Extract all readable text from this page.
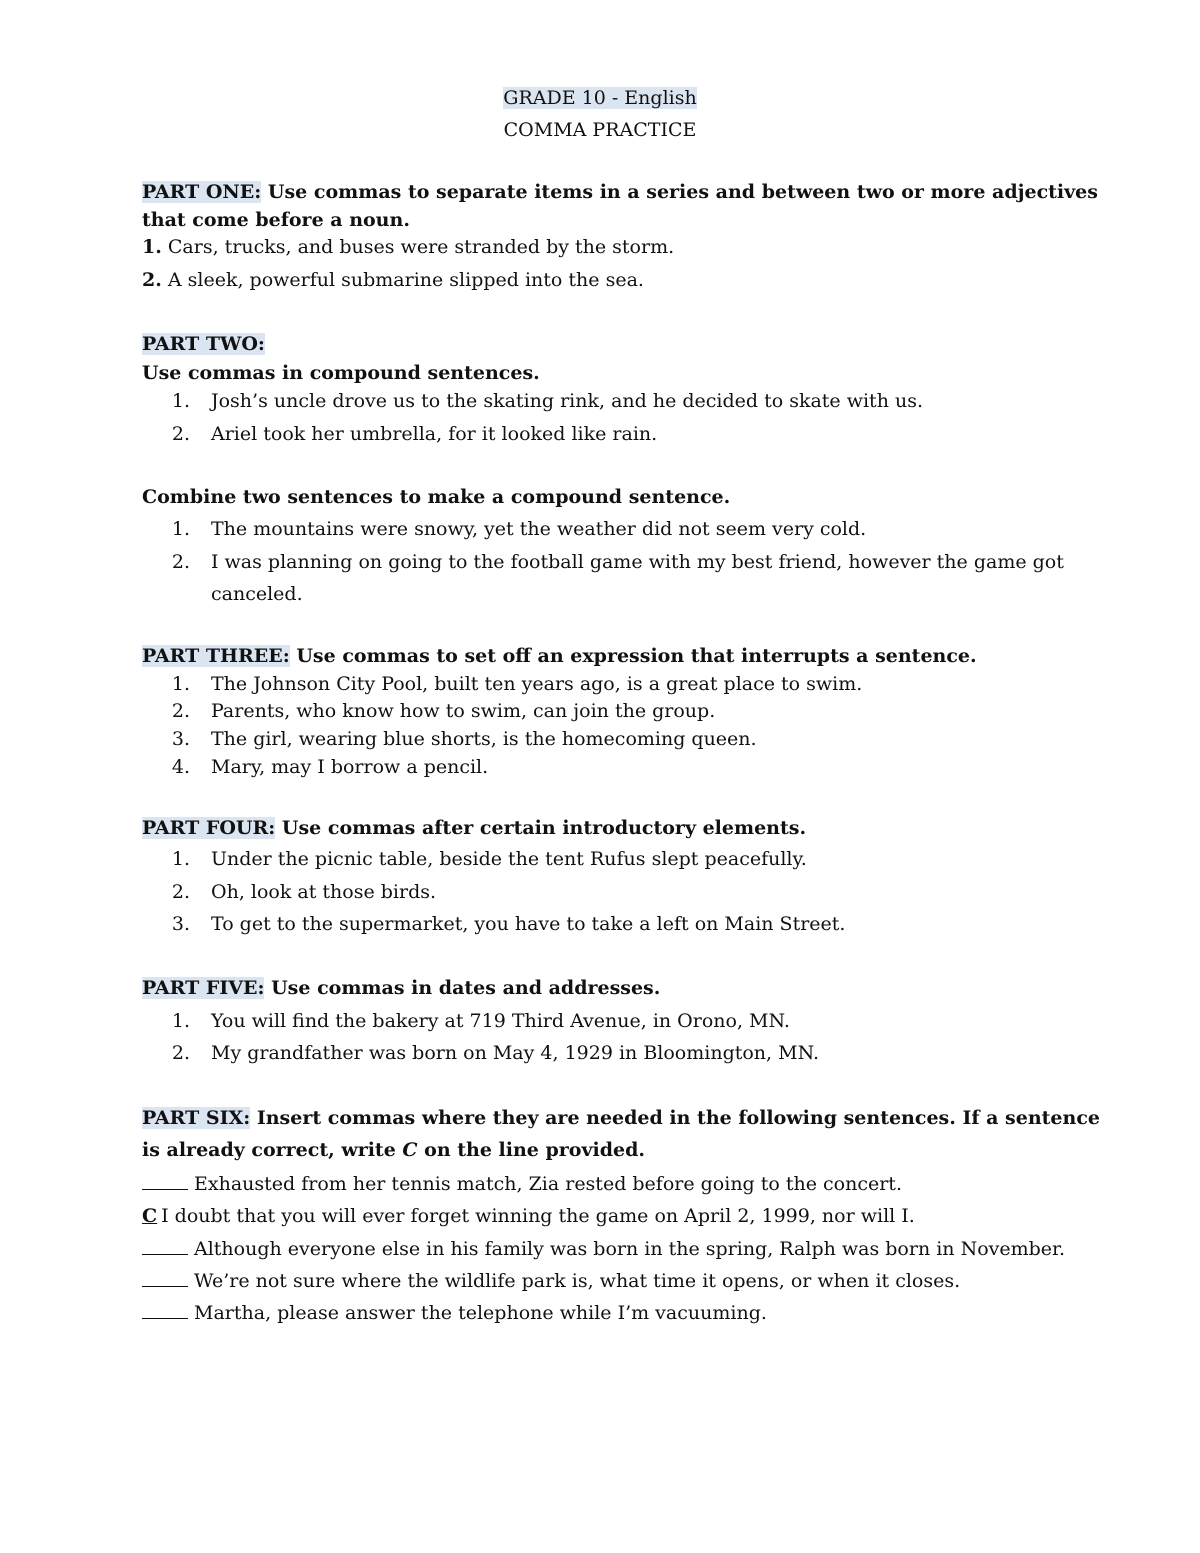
GRADE 10 - English
COMMA PRACTICE
PART ONE: Use commas to separate items in a series and between two or more adjectives
that come before a noun.
1. Cars, trucks, and buses were stranded by the storm.
2. A sleek, powerful submarine slipped into the sea.
PART TWO:
Use commas in compound sentences.
1. Josh’s uncle drove us to the skating rink, and he decided to skate with us.
2. Ariel took her umbrella, for it looked like rain.
Combine two sentences to make a compound sentence.
1. The mountains were snowy, yet the weather did not seem very cold.
2. I was planning on going to the football game with my best friend, however the game got
canceled.
PART THREE: Use commas to set off an expression that interrupts a sentence.
1. The Johnson City Pool, built ten years ago, is a great place to swim.
2. Parents, who know how to swim, can join the group.
3. The girl, wearing blue shorts, is the homecoming queen.
4. Mary, may I borrow a pencil.
PART FOUR: Use commas after certain introductory elements.
1. Under the picnic table, beside the tent Rufus slept peacefully.
2. Oh, look at those birds.
3. To get to the supermarket, you have to take a left on Main Street.
PART FIVE: Use commas in dates and addresses.
1. You will find the bakery at 719 Third Avenue, in Orono, MN.
2. My grandfather was born on May 4, 1929 in Bloomington, MN.
PART SIX: Insert commas where they are needed in the following sentences. If a sentence
is already correct, write C on the line provided.
Exhausted from her tennis match, Zia rested before going to the concert.
C I doubt that you will ever forget winning the game on April 2, 1999, nor will I.
Although everyone else in his family was born in the spring, Ralph was born in November.
We’re not sure where the wildlife park is, what time it opens, or when it closes.
Martha, please answer the telephone while I’m vacuuming.
